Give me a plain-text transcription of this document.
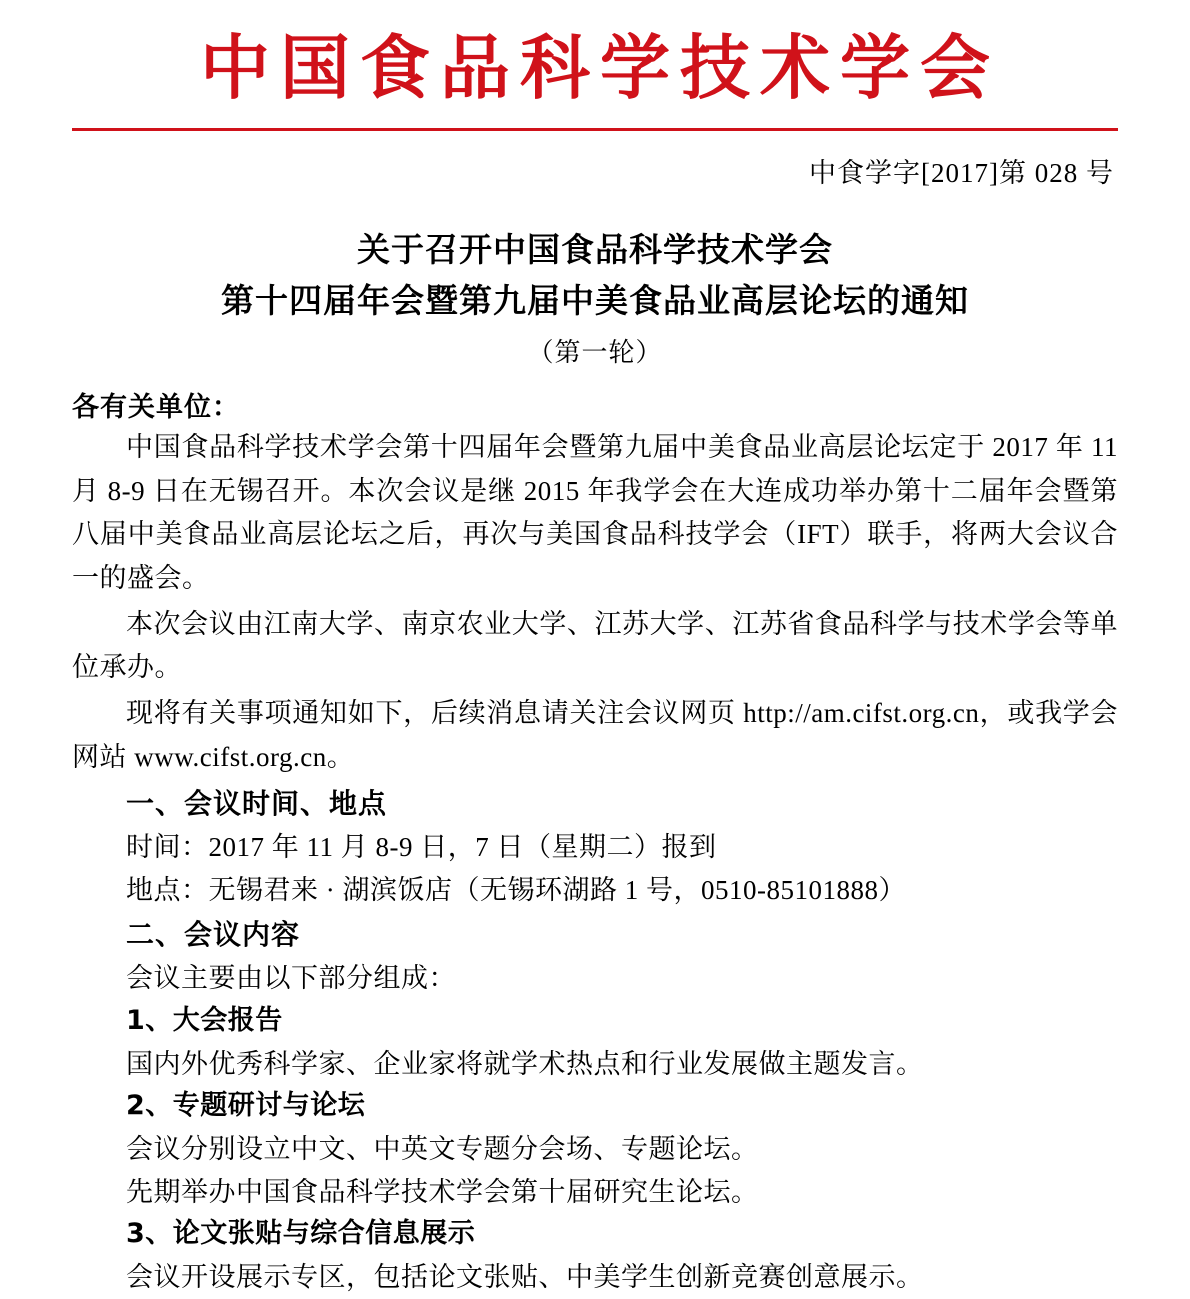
中国食品科学技术学会
中食学字[2017]第 028 号
关于召开中国食品科学技术学会
第十四届年会暨第九届中美食品业高层论坛的通知
（第一轮）
各有关单位：
中国食品科学技术学会第十四届年会暨第九届中美食品业高层论坛定于 2017 年 11 月 8-9 日在无锡召开。本次会议是继 2015 年我学会在大连成功举办第十二届年会暨第八届中美食品业高层论坛之后，再次与美国食品科技学会（IFT）联手，将两大会议合一的盛会。
本次会议由江南大学、南京农业大学、江苏大学、江苏省食品科学与技术学会等单位承办。
现将有关事项通知如下，后续消息请关注会议网页 http://am.cifst.org.cn，或我学会网站 www.cifst.org.cn。
一、会议时间、地点
时间：2017 年 11 月 8-9 日，7 日（星期二）报到
地点：无锡君来 · 湖滨饭店（无锡环湖路 1 号，0510-85101888）
二、会议内容
会议主要由以下部分组成：
1、大会报告
国内外优秀科学家、企业家将就学术热点和行业发展做主题发言。
2、专题研讨与论坛
会议分别设立中文、中英文专题分会场、专题论坛。
先期举办中国食品科学技术学会第十届研究生论坛。
3、论文张贴与综合信息展示
会议开设展示专区，包括论文张贴、中美学生创新竞赛创意展示。
